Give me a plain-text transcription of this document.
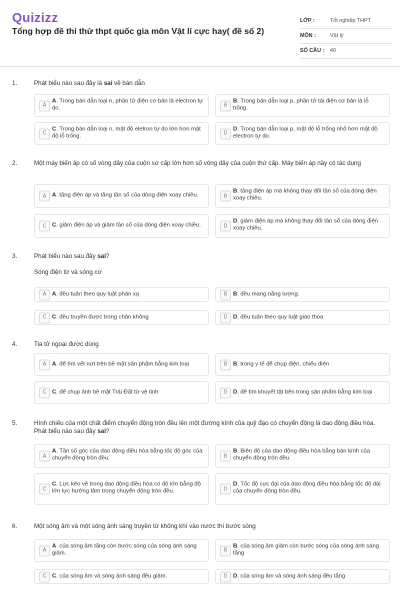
Quizizz
Tổng hợp đề thi thử thpt quốc gia môn Vật lí cực hay( đề số 2)
LỚP :	Tốt nghiệp THPT
MÔN :	Vật lý
SỐ CÂU :	40
1.	Phát biểu nào sau đây là sai về bán dẫn
A
A. Trong bán dẫn loại n, phần tử điện cơ bản là electron tự do.	B
B. Trong bán dẫn loại p, phần tử tải điện cơ bản là lỗ trống.
C
C. Trong bán dẫn loại n, mật độ eletron tự do lớn hơn mật độ lỗ trống.	D
D. Trong bán dẫn loại p, mật độ lỗ trống nhỏ hơn mật độ electron tự do.
2.	Một máy biến áp có số vòng dây của cuộn sơ cấp lớn hơn số vòng dây của cuộn thứ cấp. Máy biến áp này có tác dụng
A	A. tăng điện áp và tăng tần số của dòng điện xoay chiều.	B
B. tăng điện áp mà không thay đổi tần số của dòng điện xoay chiều.
C C. giảm điện áp và giảm tần số của dòng điện xoay chiều.	D
D. giảm điện áp mà không thay đổi tần số của dòng điện xoay chiều.
3.	Phát biểu nào sau đây sai?
Sóng điện từ và sóng cơ
A	A. đều tuân theo quy luật phản xạ	B	B. đều mang năng lượng.
C C. đều truyền được trong chân không	D D. đều tuân theo quy luật giao thoa
4.	Tia tử ngoại được dùng
A	A. để tìm vết nứt trên bề mặt sản phẩm bằng kim loại	B	B. trong y tế để chụp điện, chiếu điện
C C. để chụp ảnh bề mặt Trái Đất từ vệ tinh	D D. để tìm khuyết tật bên trong sản phẩm bằng kim loại
5.	Hình chiếu của một chất điểm chuyển động tròn đều lên một đường kính của quỹ đạo có chuyển động là dao động điều hòa. Phát biểu nào sau đây sai?
A
A. Tần số góc của dao động điều hòa bằng tốc độ góc của chuyển động tròn đều.	B
B. Biên độ của dao động điều hòa bằng bán kính của chuyển động tròn đều.
C
C. Lực kéo về trong dao động điều hòa có độ lớn bằng độ lớn lực hướng tâm trong chuyển động tròn đều.	D
D. Tốc độ cực đại của dao động điều hòa bằng tốc độ dài của chuyển động tròn đều.
6.	Một sóng âm và một sóng ánh sáng truyền từ không khí vào nước thì bước sóng
A
A. của sóng âm tăng còn bước sóng của sóng ánh sáng giảm.	B
B. của sóng âm giảm còn bước sóng của sóng ánh sáng tăng
C C. của sóng âm và sóng ánh sáng đều giảm.	D D. của sóng âm và sóng ánh sáng đều tăng
